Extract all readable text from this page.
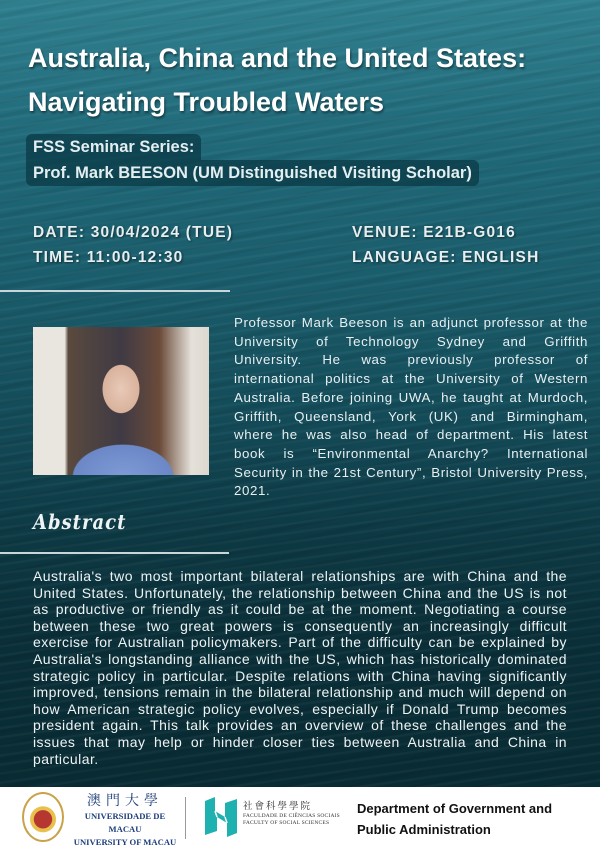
Australia, China and the United States: Navigating Troubled Waters
FSS Seminar Series:
Prof. Mark BEESON (UM Distinguished Visiting Scholar)
DATE: 30/04/2024 (TUE)
TIME: 11:00-12:30
VENUE: E21B-G016
LANGUAGE: ENGLISH

Professor Mark Beeson is an adjunct professor at the University of Technology Sydney and Griffith University. He was previously professor of international politics at the University of Western Australia. Before joining UWA, he taught at Murdoch, Griffith, Queensland, York (UK) and Birmingham, where he was also head of department. His latest book is “Environmental Anarchy? International Security in the 21st Century”, Bristol University Press, 2021.

Abstract

Australia's two most important bilateral relationships are with China and the United States. Unfortunately, the relationship between China and the US is not as productive or friendly as it could be at the moment. Negotiating a course between these two great powers is consequently an increasingly difficult exercise for Australian policymakers. Part of the difficulty can be explained by Australia's longstanding alliance with the US, which has historically dominated strategic policy in particular. Despite relations with China having significantly improved, tensions remain in the bilateral relationship and much will depend on how American strategic policy evolves, especially if Donald Trump becomes president again. This talk provides an overview of these challenges and the issues that may help or hinder closer ties between Australia and China in particular.

澳門大學
UNIVERSIDADE DE MACAU
UNIVERSITY OF MACAU
社會科學學院
FACULDADE DE CIÊNCIAS SOCIAIS
FACULTY OF SOCIAL SCIENCES
Department of Government and
Public Administration
